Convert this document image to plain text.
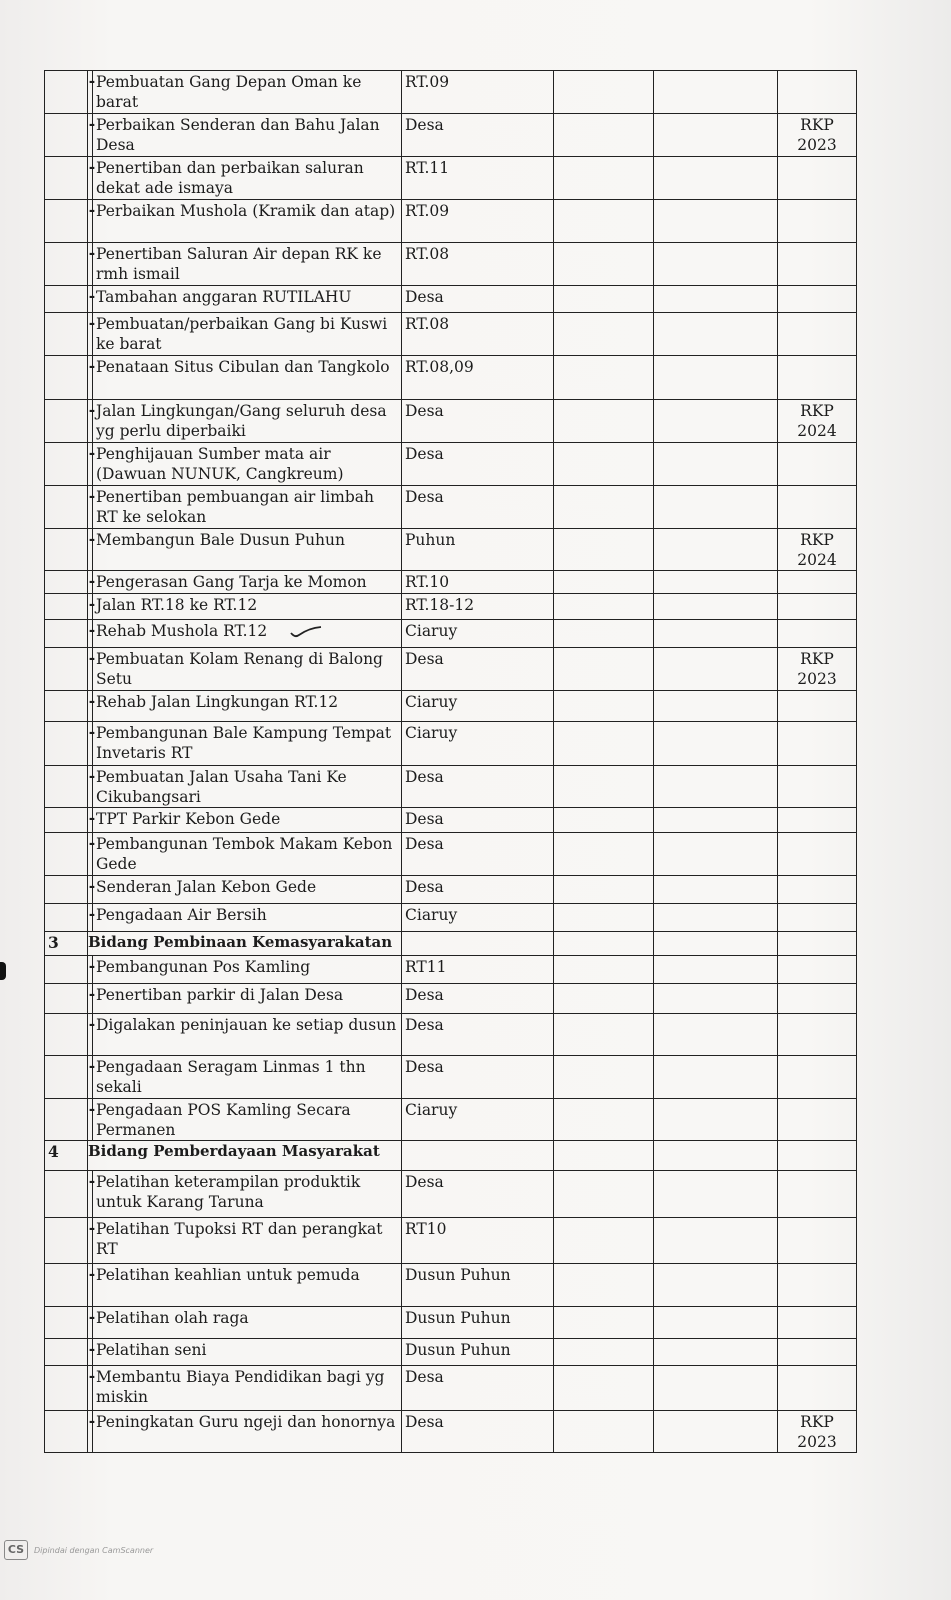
	-	Pembuatan Gang Depan Oman ke barat	RT.09			
	-	Perbaikan Senderan dan Bahu Jalan Desa	Desa			RKP 2023
	-	Penertiban dan perbaikan saluran dekat ade ismaya	RT.11			
	-	Perbaikan Mushola (Kramik dan atap)	RT.09			
	-	Penertiban Saluran Air depan RK ke rmh ismail	RT.08			
	-	Tambahan anggaran RUTILAHU	Desa			
	-	Pembuatan/perbaikan Gang bi Kuswi ke barat	RT.08			
	-	Penataan Situs Cibulan dan Tangkolo	RT.08,09			
	-	Jalan Lingkungan/Gang seluruh desa yg perlu diperbaiki	Desa			RKP 2024
	-	Penghijauan Sumber mata air (Dawuan NUNUK, Cangkreum)	Desa			
	-	Penertiban pembuangan air limbah RT ke selokan	Desa			
	-	Membangun Bale Dusun Puhun	Puhun			RKP 2024
	-	Pengerasan Gang Tarja ke Momon	RT.10			
	-	Jalan RT.18 ke RT.12	RT.18-12			
	-	Rehab Mushola RT.12	Ciaruy			
	-	Pembuatan Kolam Renang di Balong Setu	Desa			RKP 2023
	-	Rehab Jalan Lingkungan RT.12	Ciaruy			
	-	Pembangunan Bale Kampung Tempat Invetaris RT	Ciaruy			
	-	Pembuatan Jalan Usaha Tani Ke Cikubangsari	Desa			
	-	TPT Parkir Kebon Gede	Desa			
	-	Pembangunan Tembok Makam Kebon Gede	Desa			
	-	Senderan Jalan Kebon Gede	Desa			
	-	Pengadaan Air Bersih	Ciaruy			
3	Bidang Pembinaan Kemasyarakatan					
	-	Pembangunan Pos Kamling	RT11			
	-	Penertiban parkir di Jalan Desa	Desa			
	-	Digalakan peninjauan ke setiap dusun	Desa			
	-	Pengadaan Seragam Linmas 1 thn sekali	Desa			
	-	Pengadaan POS Kamling Secara Permanen	Ciaruy			
4	Bidang Pemberdayaan Masyarakat					
	-	Pelatihan keterampilan produktik untuk Karang Taruna	Desa			
	-	Pelatihan Tupoksi RT dan perangkat RT	RT10			
	-	Pelatihan keahlian untuk pemuda	Dusun Puhun			
	-	Pelatihan olah raga	Dusun Puhun			
	-	Pelatihan seni	Dusun Puhun			
	-	Membantu Biaya Pendidikan bagi yg miskin	Desa			
	-	Peningkatan Guru ngeji dan honornya	Desa			RKP 2023
CS	Dipindai dengan CamScanner
